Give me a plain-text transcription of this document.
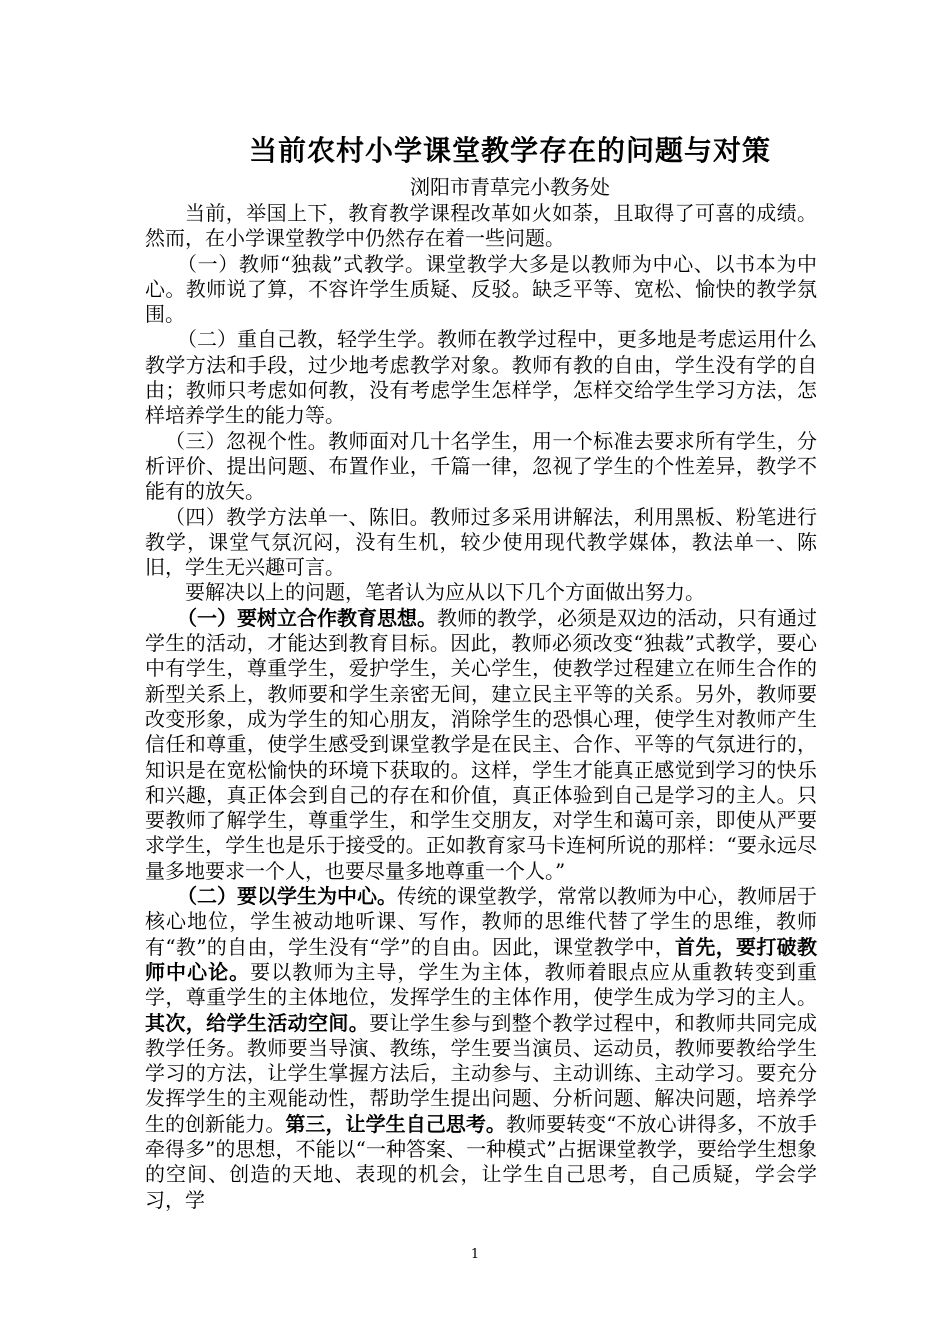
当前农村小学课堂教学存在的问题与对策
浏阳市青草完小教务处

当前，举国上下，教育教学课程改革如火如荼，且取得了可喜的成绩。然而，在小学课堂教学中仍然存在着一些问题。

（一）教师“独裁”式教学。课堂教学大多是以教师为中心、以书本为中心。教师说了算，不容许学生质疑、反驳。缺乏平等、宽松、愉快的教学氛围。

（二）重自己教，轻学生学。教师在教学过程中，更多地是考虑运用什么教学方法和手段，过少地考虑教学对象。教师有教的自由，学生没有学的自由；教师只考虑如何教，没有考虑学生怎样学，怎样交给学生学习方法，怎样培养学生的能力等。

（三）忽视个性。教师面对几十名学生，用一个标准去要求所有学生，分析评价、提出问题、布置作业，千篇一律，忽视了学生的个性差异，教学不能有的放矢。

（四）教学方法单一、陈旧。教师过多采用讲解法，利用黑板、粉笔进行教学，课堂气氛沉闷，没有生机，较少使用现代教学媒体，教法单一、陈旧，学生无兴趣可言。

要解决以上的问题，笔者认为应从以下几个方面做出努力。

（一）要树立合作教育思想。教师的教学，必须是双边的活动，只有通过学生的活动，才能达到教育目标。因此，教师必须改变“独裁”式教学，要心中有学生，尊重学生，爱护学生，关心学生，使教学过程建立在师生合作的新型关系上，教师要和学生亲密无间，建立民主平等的关系。另外，教师要改变形象，成为学生的知心朋友，消除学生的恐惧心理，使学生对教师产生信任和尊重，使学生感受到课堂教学是在民主、合作、平等的气氛进行的，知识是在宽松愉快的环境下获取的。这样，学生才能真正感觉到学习的快乐和兴趣，真正体会到自己的存在和价值，真正体验到自己是学习的主人。只要教师了解学生，尊重学生，和学生交朋友，对学生和蔼可亲，即使从严要求学生，学生也是乐于接受的。正如教育家马卡连柯所说的那样：“要永远尽量多地要求一个人，也要尽量多地尊重一个人。”

（二）要以学生为中心。传统的课堂教学，常常以教师为中心，教师居于核心地位，学生被动地听课、写作，教师的思维代替了学生的思维，教师有“教”的自由，学生没有“学”的自由。因此，课堂教学中，首先，要打破教师中心论。要以教师为主导，学生为主体，教师着眼点应从重教转变到重学，尊重学生的主体地位，发挥学生的主体作用，使学生成为学习的主人。其次，给学生活动空间。要让学生参与到整个教学过程中，和教师共同完成教学任务。教师要当导演、教练，学生要当演员、运动员，教师要教给学生学习的方法，让学生掌握方法后，主动参与、主动训练、主动学习。要充分发挥学生的主观能动性，帮助学生提出问题、分析问题、解决问题，培养学生的创新能力。第三，让学生自己思考。教师要转变“不放心讲得多，不放手牵得多”的思想，不能以“一种答案、一种模式”占据课堂教学，要给学生想象的空间、创造的天地、表现的机会，让学生自己思考，自己质疑，学会学习，学

1
